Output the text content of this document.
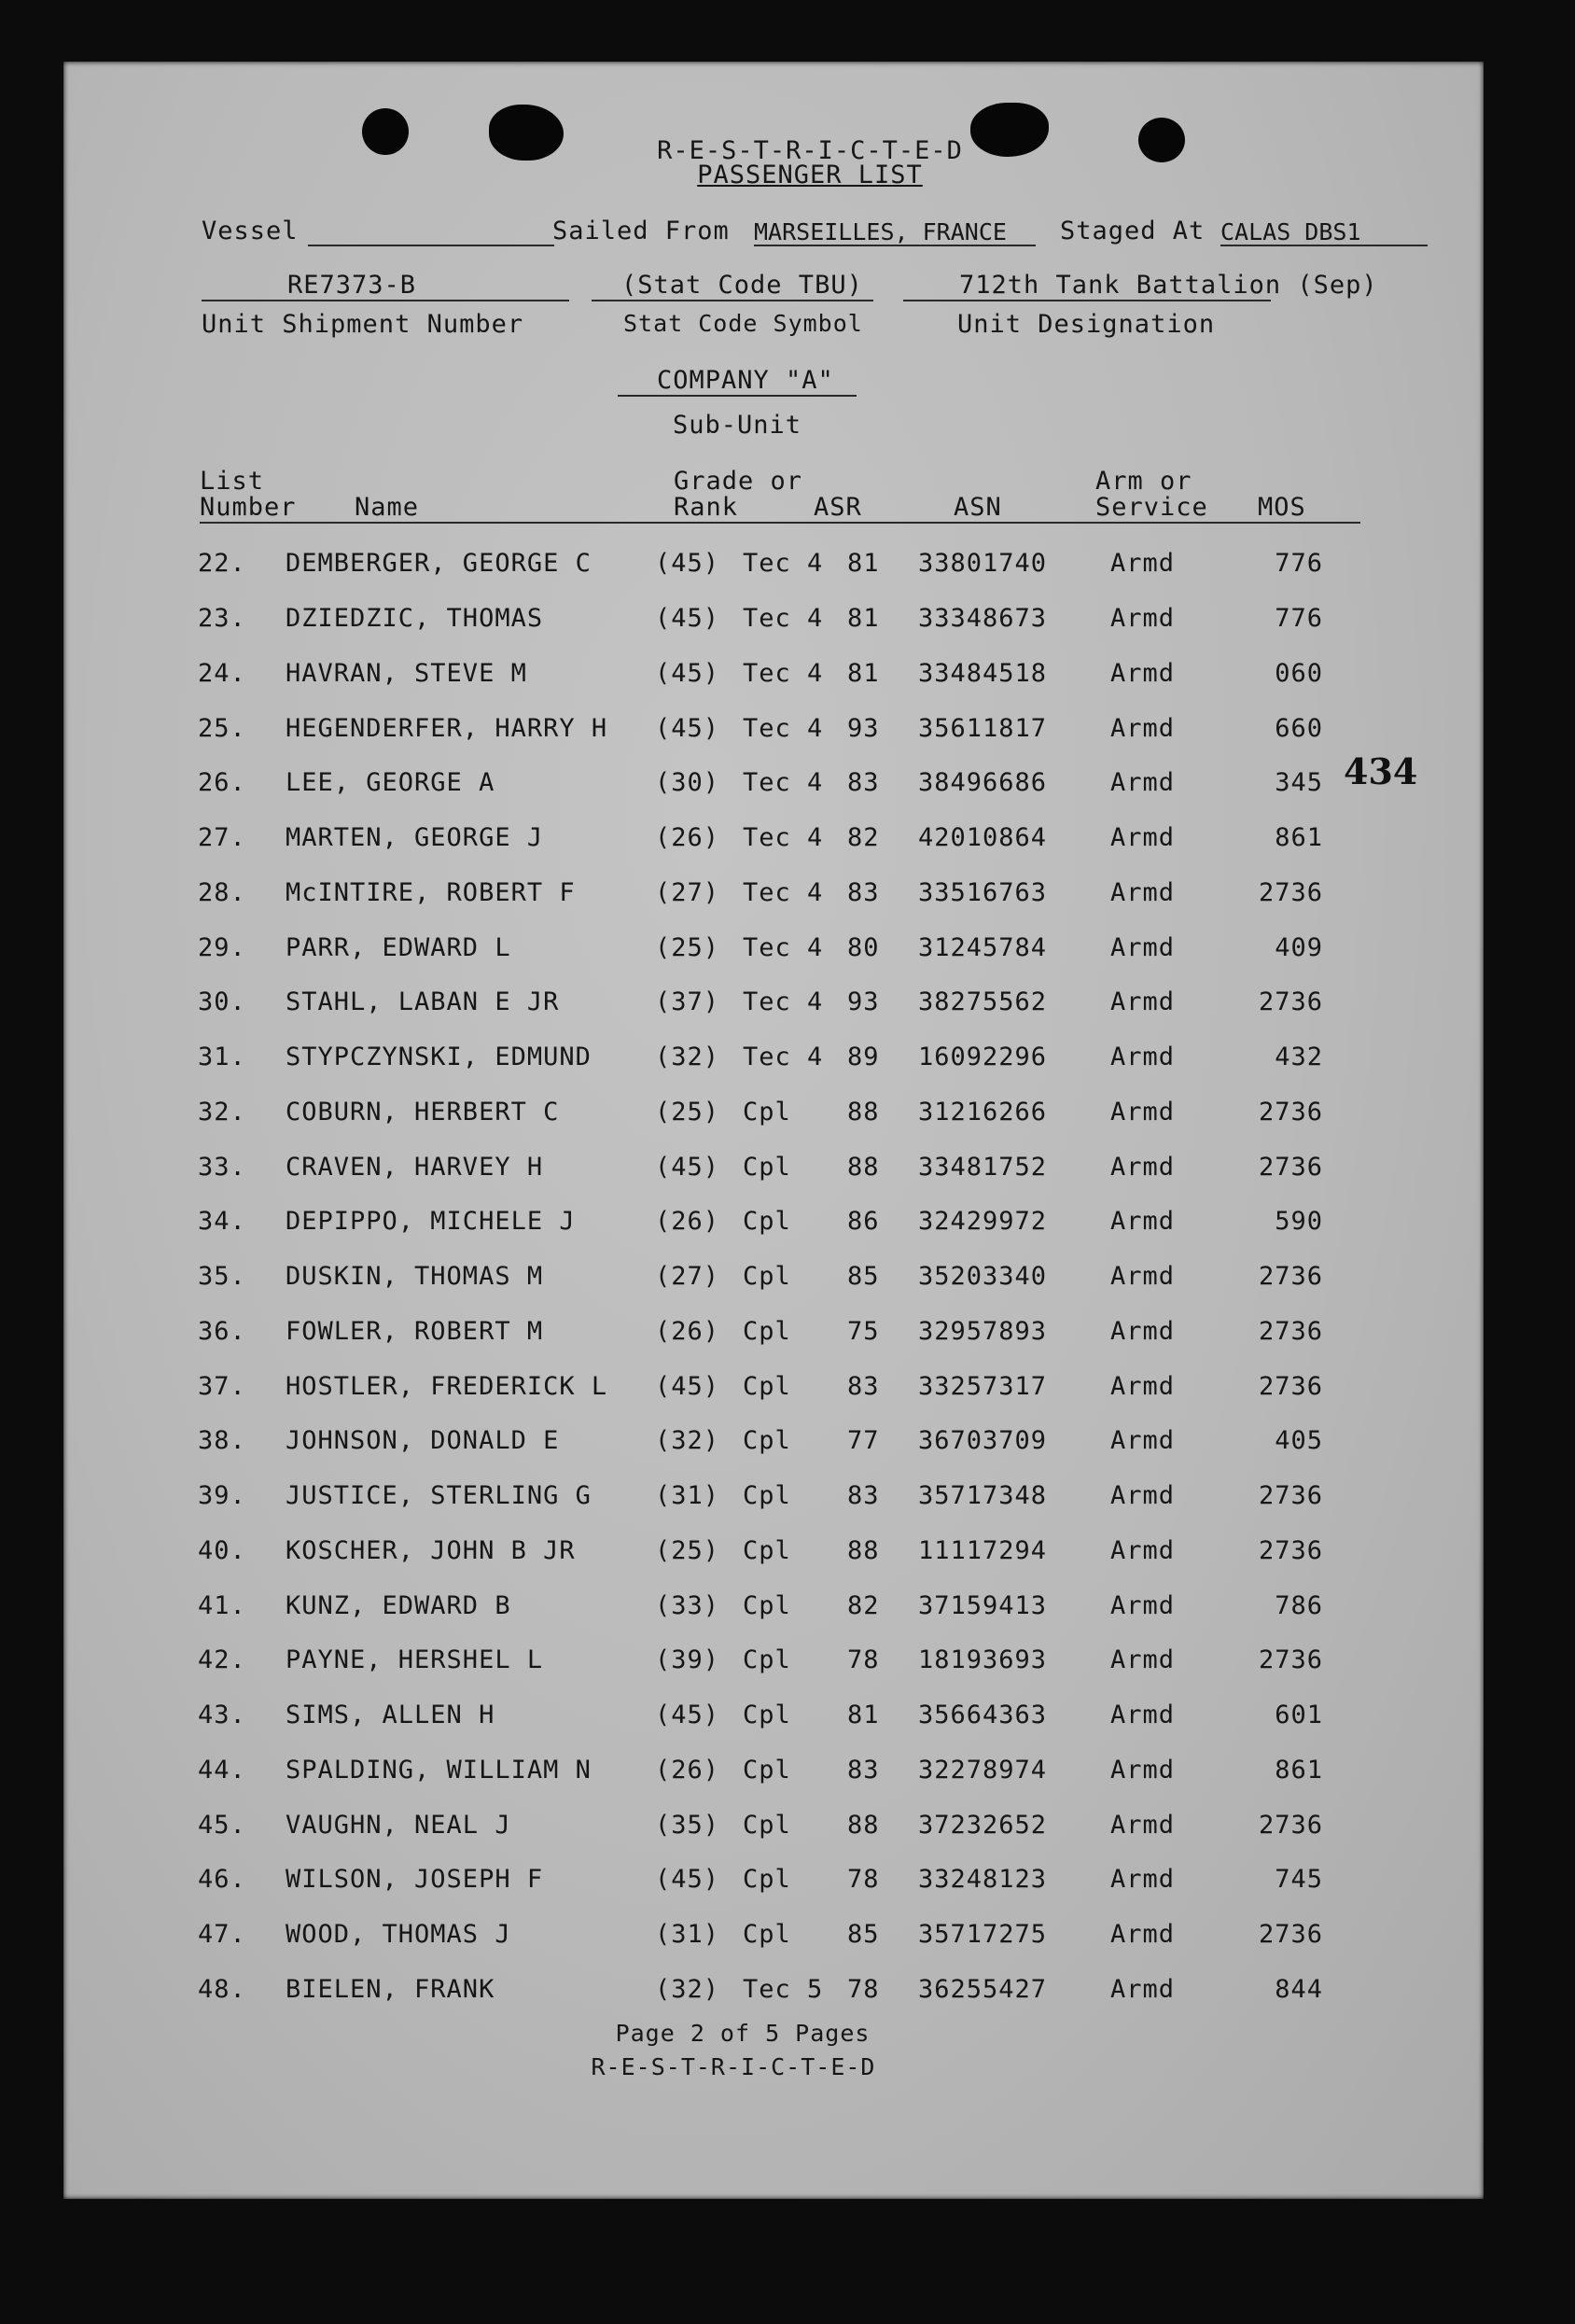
R-E-S-T-R-I-C-T-E-D
PASSENGER LIST
Vessel	Sailed From MARSEILLES, FRANCE Staged At CALAS DBS1
RE7373-B	(Stat Code TBU)	712th Tank Battalion (Sep)
Unit Shipment Number	Stat Code Symbol	Unit Designation
COMPANY "A"
Sub-Unit
List
Number Name
Grade or
Rank	ASR	ASN
Arm or
Service MOS
434
22. DEMBERGER, GEORGE C	(45) Tec 4 81 33801740	Armd	776
23. DZIEDZIC, THOMAS	(45) Tec 4 81 33348673	Armd	776
24. HAVRAN, STEVE M	(45) Tec 4 81 33484518	Armd	060
25. HEGENDERFER, HARRY H (45) Tec 4 93 35611817	Armd	660
26. LEE, GEORGE A	(30) Tec 4 83 38496686	Armd	345
27. MARTEN, GEORGE J	(26) Tec 4 82 42010864	Armd	861
28. McINTIRE, ROBERT F	(27) Tec 4 83 33516763	Armd	2736
29. PARR, EDWARD L	(25) Tec 4 80 31245784	Armd	409
30. STAHL, LABAN E JR	(37) Tec 4 93 38275562	Armd	2736
31. STYPCZYNSKI, EDMUND	(32) Tec 4 89 16092296	Armd	432
32. COBURN, HERBERT C	(25) Cpl 88 31216266	Armd	2736
33. CRAVEN, HARVEY H	(45) Cpl 88 33481752	Armd	2736
34. DEPIPPO, MICHELE J	(26) Cpl 86 32429972	Armd	590
35. DUSKIN, THOMAS M	(27) Cpl 85 35203340	Armd	2736
36. FOWLER, ROBERT M	(26) Cpl 75 32957893	Armd	2736
37. HOSTLER, FREDERICK L (45) Cpl 83 33257317	Armd	2736
38. JOHNSON, DONALD E	(32) Cpl 77 36703709	Armd	405
39. JUSTICE, STERLING G	(31) Cpl 83 35717348	Armd	2736
40. KOSCHER, JOHN B JR	(25) Cpl 88 11117294	Armd	2736
41. KUNZ, EDWARD B	(33) Cpl 82 37159413	Armd	786
42. PAYNE, HERSHEL L	(39) Cpl 78 18193693	Armd	2736
43. SIMS, ALLEN H	(45) Cpl 81 35664363	Armd	601
44. SPALDING, WILLIAM N	(26) Cpl 83 32278974	Armd	861
45. VAUGHN, NEAL J	(35) Cpl 88 37232652	Armd	2736
46. WILSON, JOSEPH F	(45) Cpl 78 33248123	Armd	745
47. WOOD, THOMAS J	(31) Cpl 85 35717275	Armd	2736
48. BIELEN, FRANK	(32) Tec 5 78 36255427	Armd	844
Page 2 of 5 Pages
R-E-S-T-R-I-C-T-E-D
